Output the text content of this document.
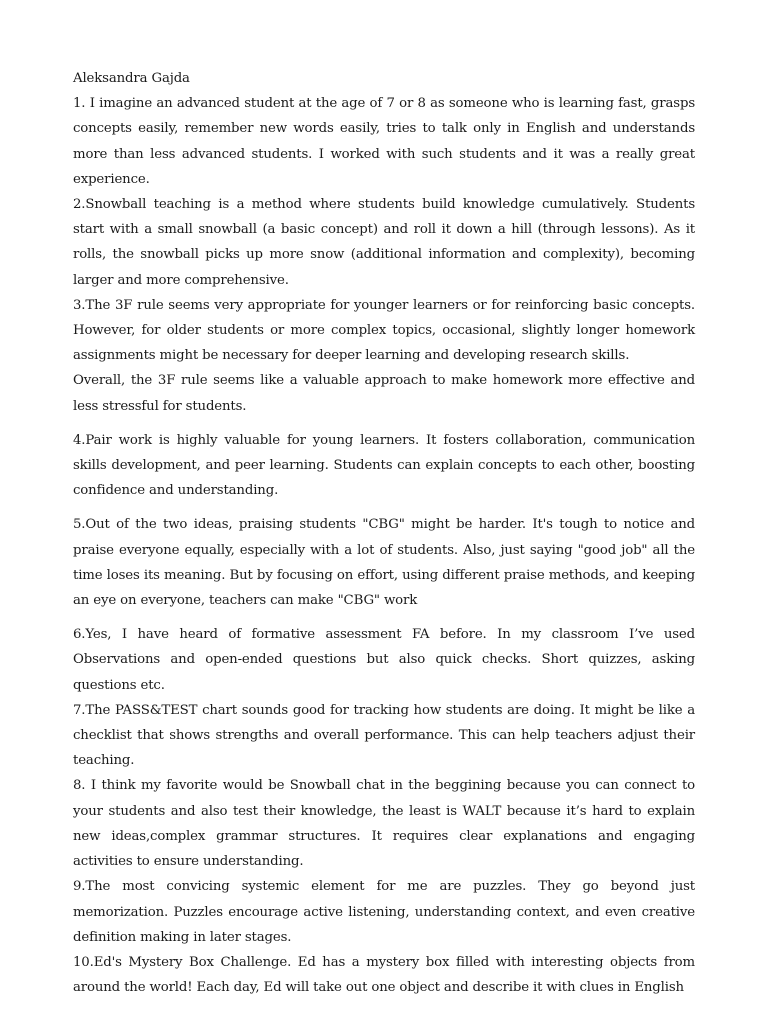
Aleksandra Gajda

1. I imagine an advanced student at the age of 7 or 8 as someone who is learning fast, grasps concepts easily, remember new words easily, tries to talk only in English and understands more than less advanced students. I worked with such students and it was a really great experience.

2.Snowball teaching is a method where students build knowledge cumulatively. Students start with a small snowball (a basic concept) and roll it down a hill (through lessons). As it rolls, the snowball picks up more snow (additional information and complexity), becoming larger and more comprehensive.

3.The 3F rule seems very appropriate for younger learners or for reinforcing basic concepts. However, for older students or more complex topics, occasional, slightly longer homework assignments might be necessary for deeper learning and developing research skills.

Overall, the 3F rule seems like a valuable approach to make homework more effective and less stressful for students.

4.Pair work is highly valuable for young learners. It fosters collaboration, communication skills development, and peer learning. Students can explain concepts to each other, boosting confidence and understanding.

5.Out of the two ideas, praising students "CBG" might be harder. It's tough to notice and praise everyone equally, especially with a lot of students. Also, just saying "good job" all the time loses its meaning. But by focusing on effort, using different praise methods, and keeping an eye on everyone, teachers can make "CBG" work

6.Yes, I have heard of formative assessment FA before. In my classroom I’ve used Observations and open-ended questions but also quick checks. Short quizzes, asking questions etc.

7.The PASS&TEST chart sounds good for tracking how students are doing. It might be like a checklist that shows strengths and overall performance. This can help teachers adjust their teaching.

8. I think my favorite would be Snowball chat in the beggining because you can connect to your students and also test their knowledge, the least is WALT because it’s hard to explain new ideas,complex grammar structures. It requires clear explanations and engaging activities to ensure understanding.

9.The most convicing systemic element for me are puzzles. They go beyond just memorization. Puzzles encourage active listening, understanding context, and even creative definition making in later stages.

10.Ed's Mystery Box Challenge. Ed has a mystery box filled with interesting objects from around the world! Each day, Ed will take out one object and describe it with clues in English
